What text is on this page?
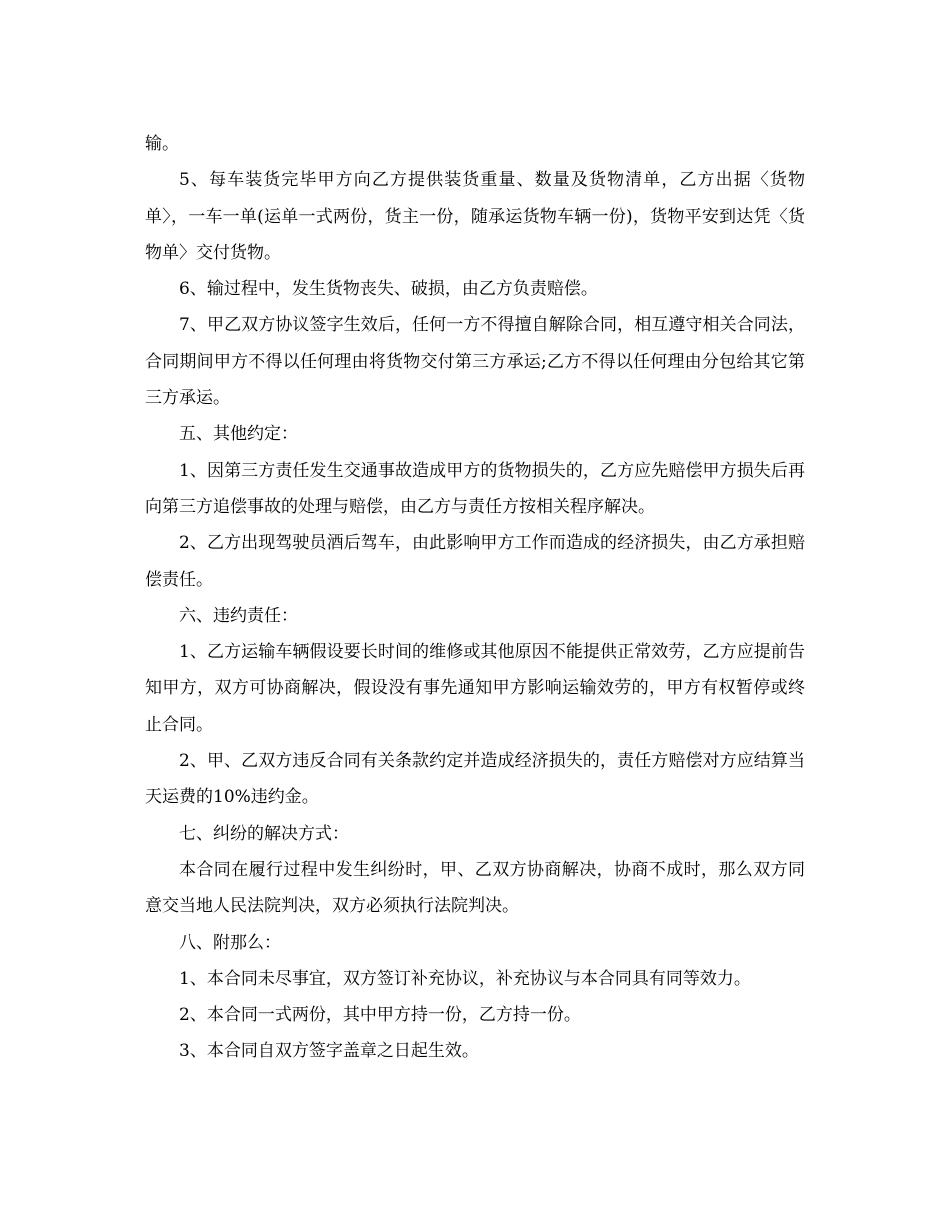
输。

5、每车装货完毕甲方向乙方提供装货重量、数量及货物清单，乙方出据〈货物单〉，一车一单(运单一式两份，货主一份，随承运货物车辆一份)，货物平安到达凭〈货物单〉交付货物。

6、输过程中，发生货物丧失、破损，由乙方负责赔偿。

7、甲乙双方协议签字生效后，任何一方不得擅自解除合同，相互遵守相关合同法，合同期间甲方不得以任何理由将货物交付第三方承运;乙方不得以任何理由分包给其它第三方承运。

五、其他约定：

1、因第三方责任发生交通事故造成甲方的货物损失的，乙方应先赔偿甲方损失后再向第三方追偿事故的处理与赔偿，由乙方与责任方按相关程序解决。

2、乙方出现驾驶员酒后驾车，由此影响甲方工作而造成的经济损失，由乙方承担赔偿责任。

六、违约责任：

1、乙方运输车辆假设要长时间的维修或其他原因不能提供正常效劳，乙方应提前告知甲方，双方可协商解决，假设没有事先通知甲方影响运输效劳的，甲方有权暂停或终止合同。

2、甲、乙双方违反合同有关条款约定并造成经济损失的，责任方赔偿对方应结算当天运费的10%违约金。

七、纠纷的解决方式：

本合同在履行过程中发生纠纷时，甲、乙双方协商解决，协商不成时，那么双方同意交当地人民法院判决，双方必须执行法院判决。

八、附那么：

1、本合同未尽事宜，双方签订补充协议，补充协议与本合同具有同等效力。

2、本合同一式两份，其中甲方持一份，乙方持一份。

3、本合同自双方签字盖章之日起生效。
